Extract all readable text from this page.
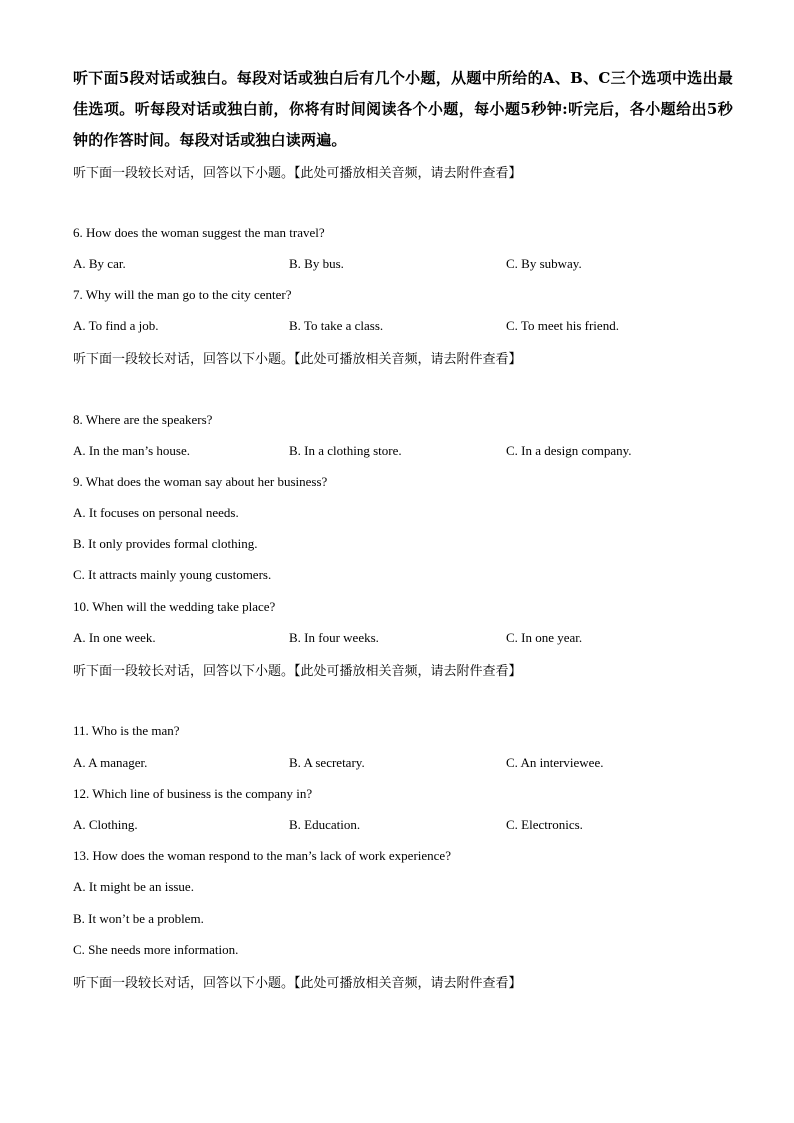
听下面5段对话或独白。每段对话或独白后有几个小题，从题中所给的A、B、C三个选项中选出最佳选项。听每段对话或独白前，你将有时间阅读各个小题，每小题5秒钟:听完后，各小题给出5秒钟的作答时间。每段对话或独白读两遍。
听下面一段较长对话，回答以下小题。【此处可播放相关音频，请去附件查看】
6. How does the woman suggest the man travel?
A. By car.	B. By bus.	C. By subway.
7. Why will the man go to the city center?
A. To find a job.	B. To take a class.	C. To meet his friend.
听下面一段较长对话，回答以下小题。【此处可播放相关音频，请去附件查看】
8. Where are the speakers?
A. In the man’s house.	B. In a clothing store.	C. In a design company.
9. What does the woman say about her business?
A. It focuses on personal needs.
B. It only provides formal clothing.
C. It attracts mainly young customers.
10. When will the wedding take place?
A. In one week.	B. In four weeks.	C. In one year.
听下面一段较长对话，回答以下小题。【此处可播放相关音频，请去附件查看】
11. Who is the man?
A. A manager.	B. A secretary.	C. An interviewee.
12. Which line of business is the company in?
A. Clothing.	B. Education.	C. Electronics.
13. How does the woman respond to the man’s lack of work experience?
A. It might be an issue.
B. It won’t be a problem.
C. She needs more information.
听下面一段较长对话，回答以下小题。【此处可播放相关音频，请去附件查看】
